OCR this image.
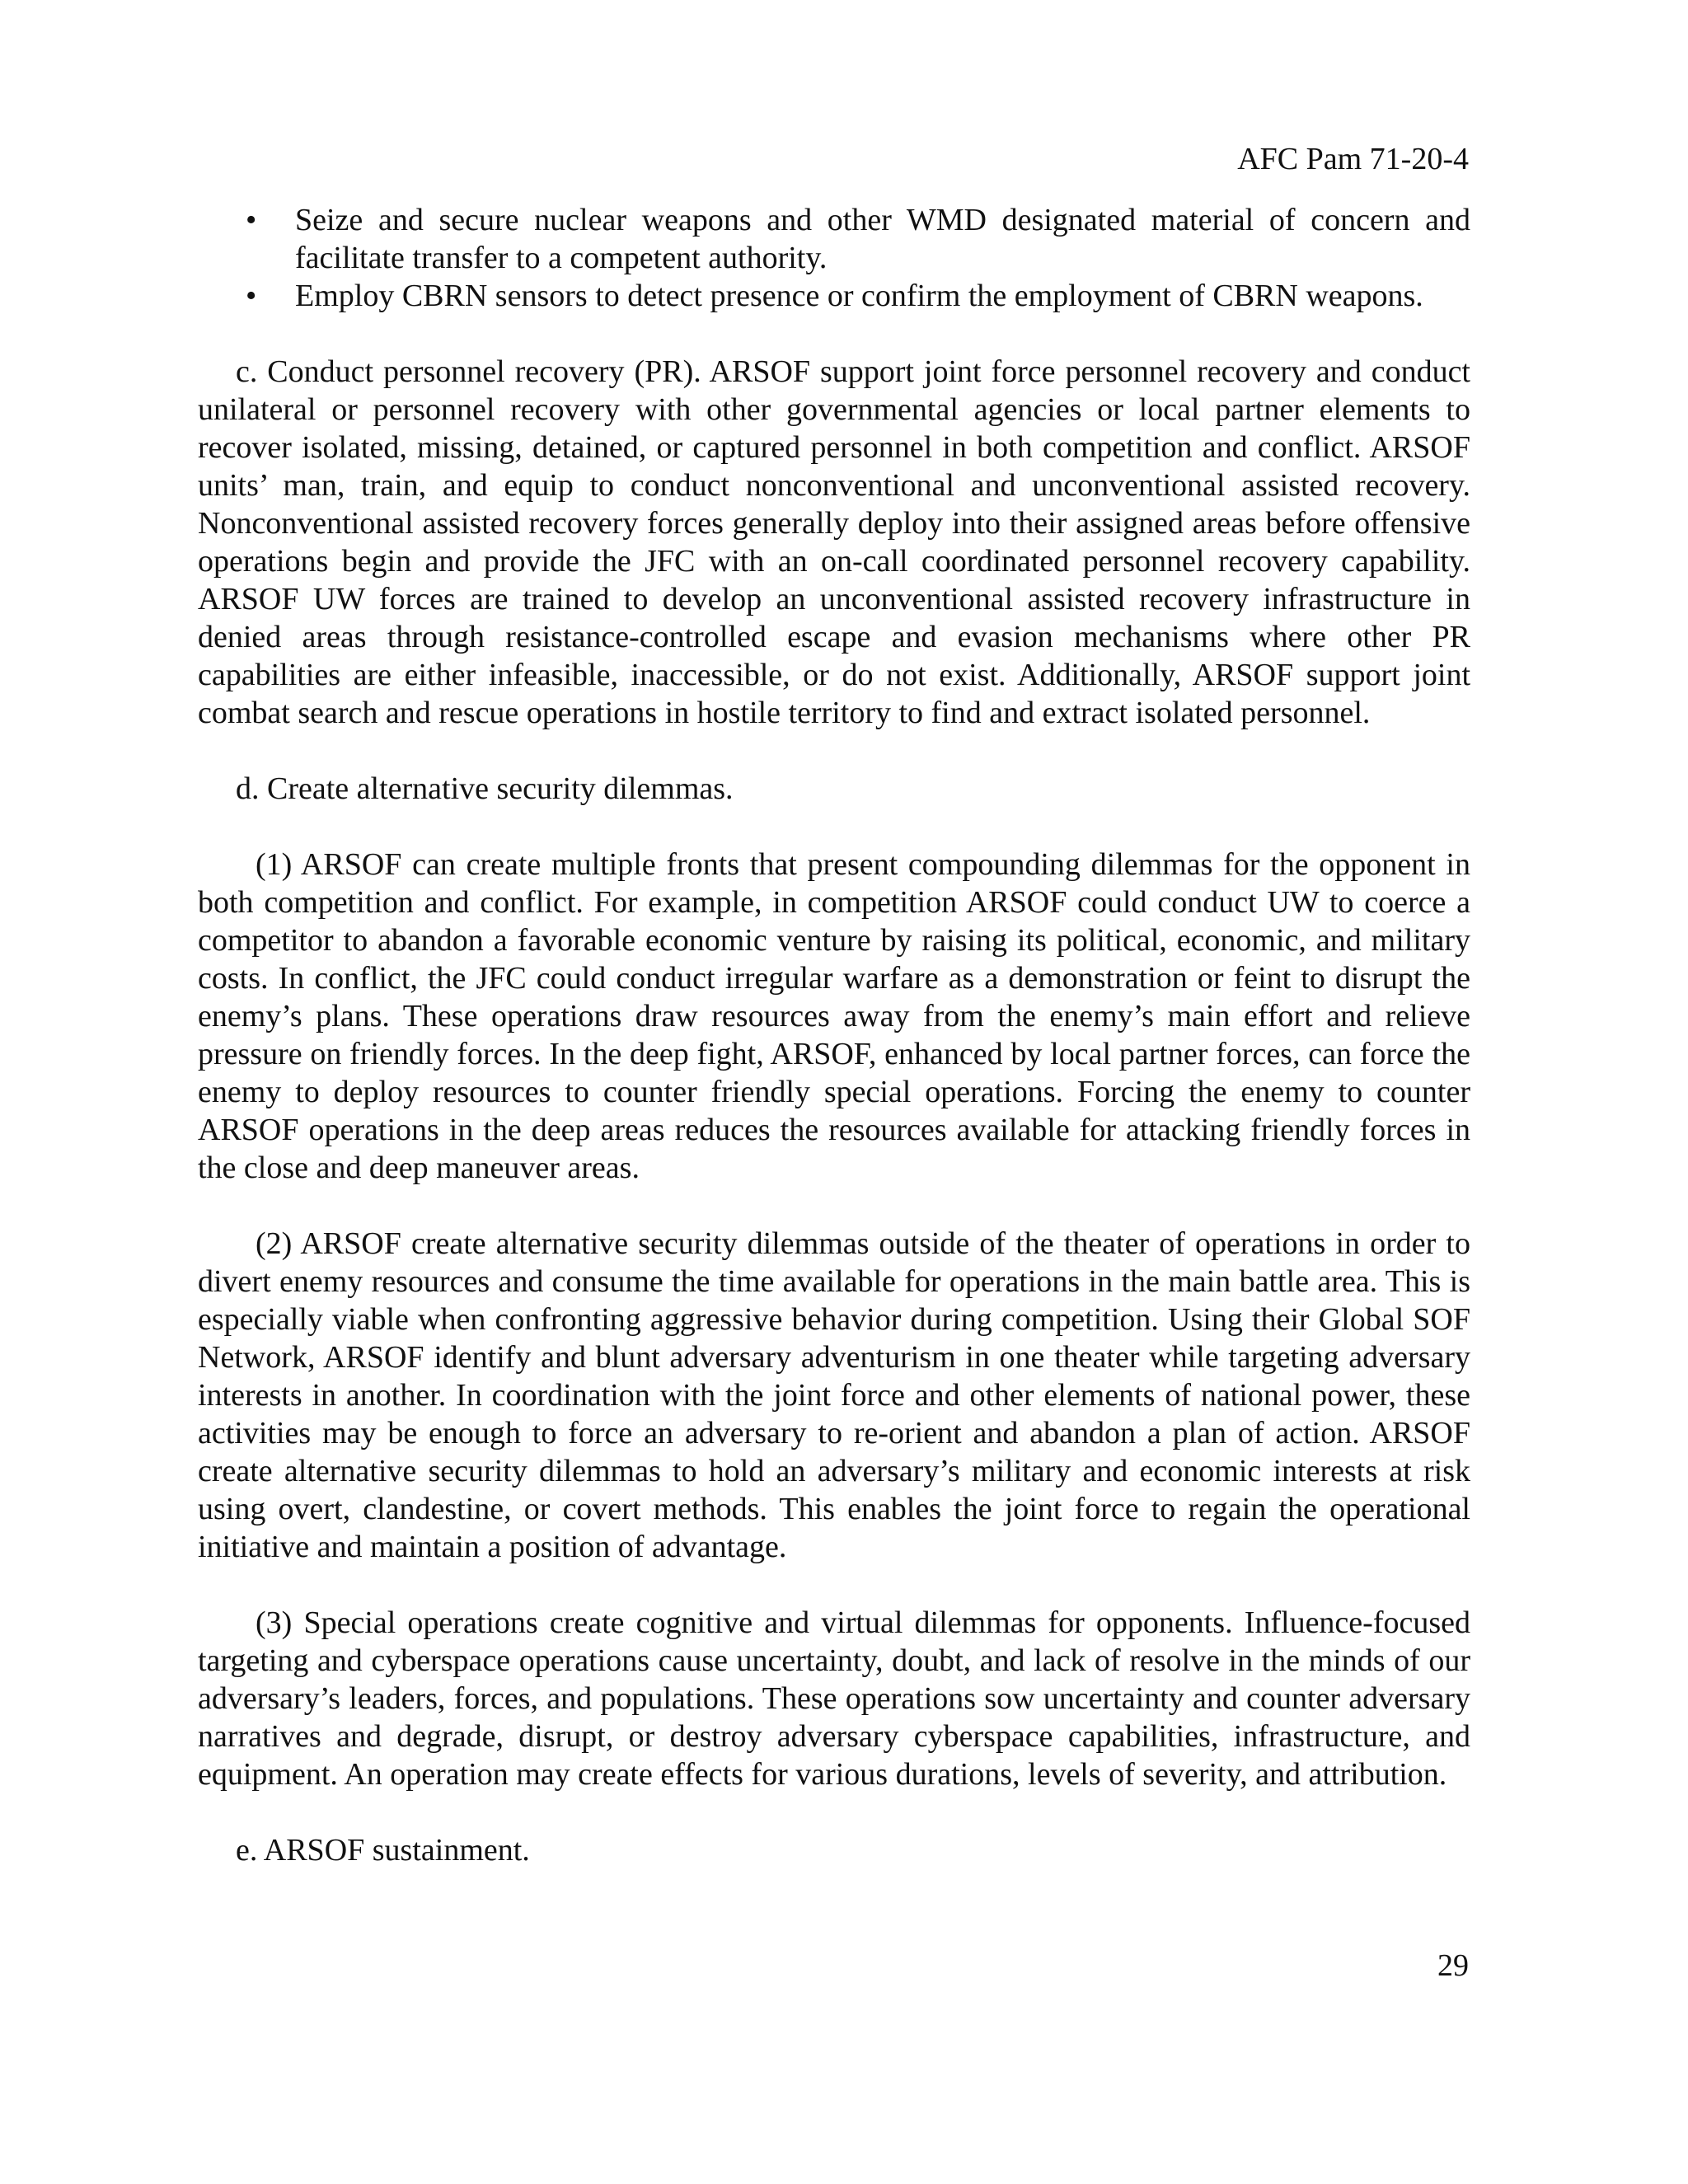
AFC Pam 71-20-4
• Seize and secure nuclear weapons and other WMD designated material of concern and facilitate transfer to a competent authority.
• Employ CBRN sensors to detect presence or confirm the employment of CBRN weapons.

c. Conduct personnel recovery (PR). ARSOF support joint force personnel recovery and conduct unilateral or personnel recovery with other governmental agencies or local partner elements to recover isolated, missing, detained, or captured personnel in both competition and conflict. ARSOF units’ man, train, and equip to conduct nonconventional and unconventional assisted recovery. Nonconventional assisted recovery forces generally deploy into their assigned areas before offensive operations begin and provide the JFC with an on-call coordinated personnel recovery capability. ARSOF UW forces are trained to develop an unconventional assisted recovery infrastructure in denied areas through resistance-controlled escape and evasion mechanisms where other PR capabilities are either infeasible, inaccessible, or do not exist. Additionally, ARSOF support joint combat search and rescue operations in hostile territory to find and extract isolated personnel.

d. Create alternative security dilemmas.

(1) ARSOF can create multiple fronts that present compounding dilemmas for the opponent in both competition and conflict. For example, in competition ARSOF could conduct UW to coerce a competitor to abandon a favorable economic venture by raising its political, economic, and military costs. In conflict, the JFC could conduct irregular warfare as a demonstration or feint to disrupt the enemy’s plans. These operations draw resources away from the enemy’s main effort and relieve pressure on friendly forces. In the deep fight, ARSOF, enhanced by local partner forces, can force the enemy to deploy resources to counter friendly special operations. Forcing the enemy to counter ARSOF operations in the deep areas reduces the resources available for attacking friendly forces in the close and deep maneuver areas.

(2) ARSOF create alternative security dilemmas outside of the theater of operations in order to divert enemy resources and consume the time available for operations in the main battle area. This is especially viable when confronting aggressive behavior during competition. Using their Global SOF Network, ARSOF identify and blunt adversary adventurism in one theater while targeting adversary interests in another. In coordination with the joint force and other elements of national power, these activities may be enough to force an adversary to re-orient and abandon a plan of action. ARSOF create alternative security dilemmas to hold an adversary’s military and economic interests at risk using overt, clandestine, or covert methods. This enables the joint force to regain the operational initiative and maintain a position of advantage.

(3) Special operations create cognitive and virtual dilemmas for opponents. Influence-focused targeting and cyberspace operations cause uncertainty, doubt, and lack of resolve in the minds of our adversary’s leaders, forces, and populations. These operations sow uncertainty and counter adversary narratives and degrade, disrupt, or destroy adversary cyberspace capabilities, infrastructure, and equipment. An operation may create effects for various durations, levels of severity, and attribution.

e. ARSOF sustainment.

29
